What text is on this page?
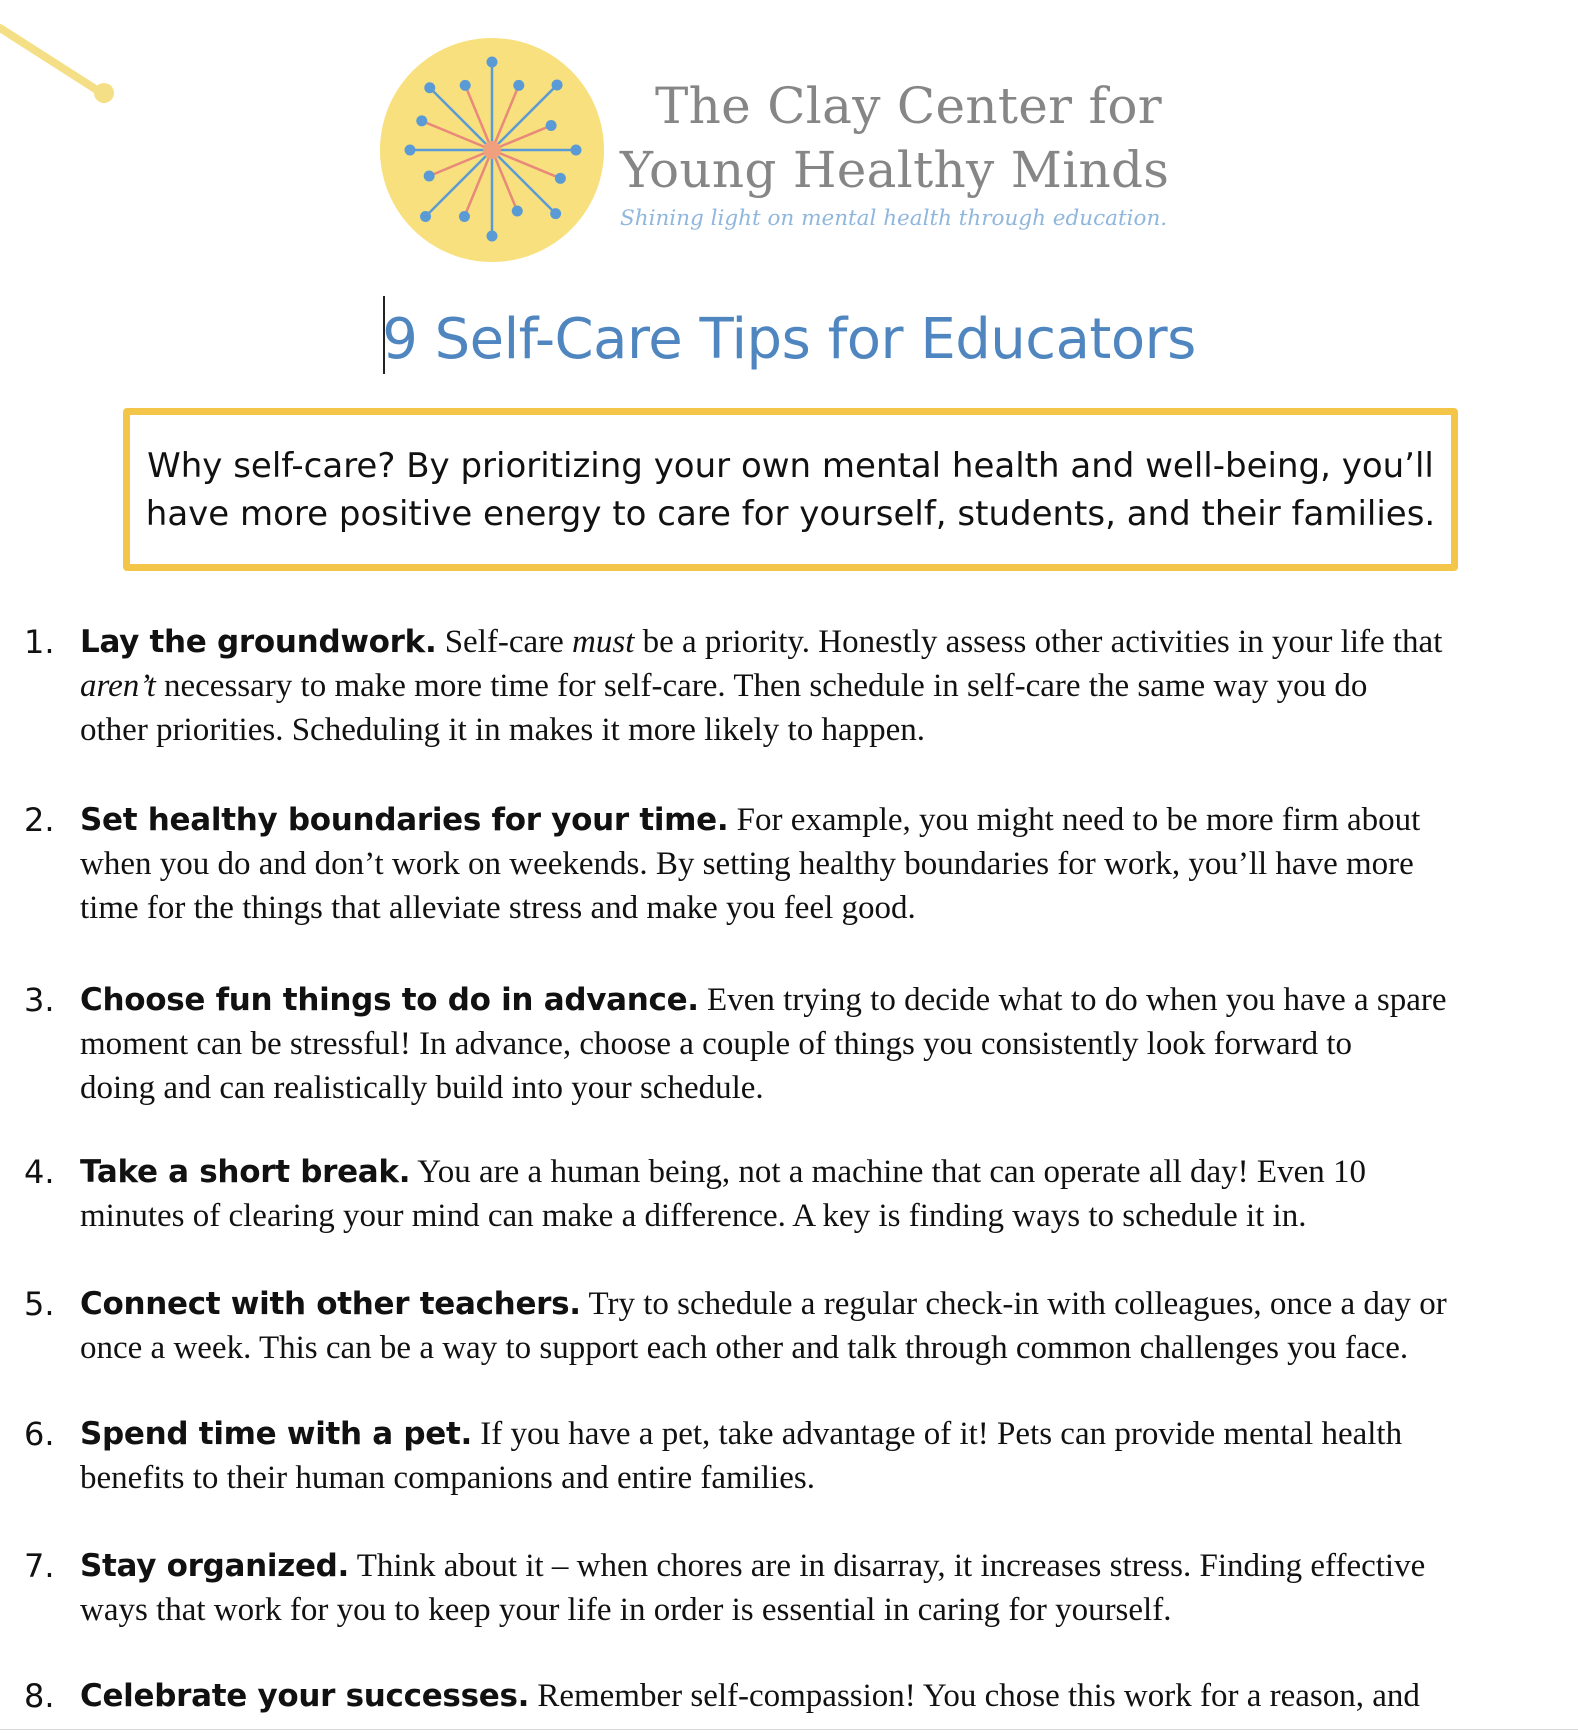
The Clay Center for
Young Healthy Minds
Shining light on mental health through education.
9 Self-Care Tips for Educators
Why self-care? By prioritizing your own mental health and well-being, you’ll
have more positive energy to care for yourself, students, and their families.
1. Lay the groundwork. Self-care must be a priority. Honestly assess other activities in your life that
aren’t necessary to make more time for self-care. Then schedule in self-care the same way you do
other priorities. Scheduling it in makes it more likely to happen.
2. Set healthy boundaries for your time. For example, you might need to be more firm about
when you do and don’t work on weekends. By setting healthy boundaries for work, you’ll have more
time for the things that alleviate stress and make you feel good.
3. Choose fun things to do in advance. Even trying to decide what to do when you have a spare
moment can be stressful! In advance, choose a couple of things you consistently look forward to
doing and can realistically build into your schedule.
4. Take a short break. You are a human being, not a machine that can operate all day! Even 10
minutes of clearing your mind can make a difference. A key is finding ways to schedule it in.
5. Connect with other teachers. Try to schedule a regular check-in with colleagues, once a day or
once a week. This can be a way to support each other and talk through common challenges you face.
6. Spend time with a pet. If you have a pet, take advantage of it! Pets can provide mental health
benefits to their human companions and entire families.
7. Stay organized. Think about it – when chores are in disarray, it increases stress. Finding effective
ways that work for you to keep your life in order is essential in caring for yourself.
8. Celebrate your successes. Remember self-compassion! You chose this work for a reason, and
